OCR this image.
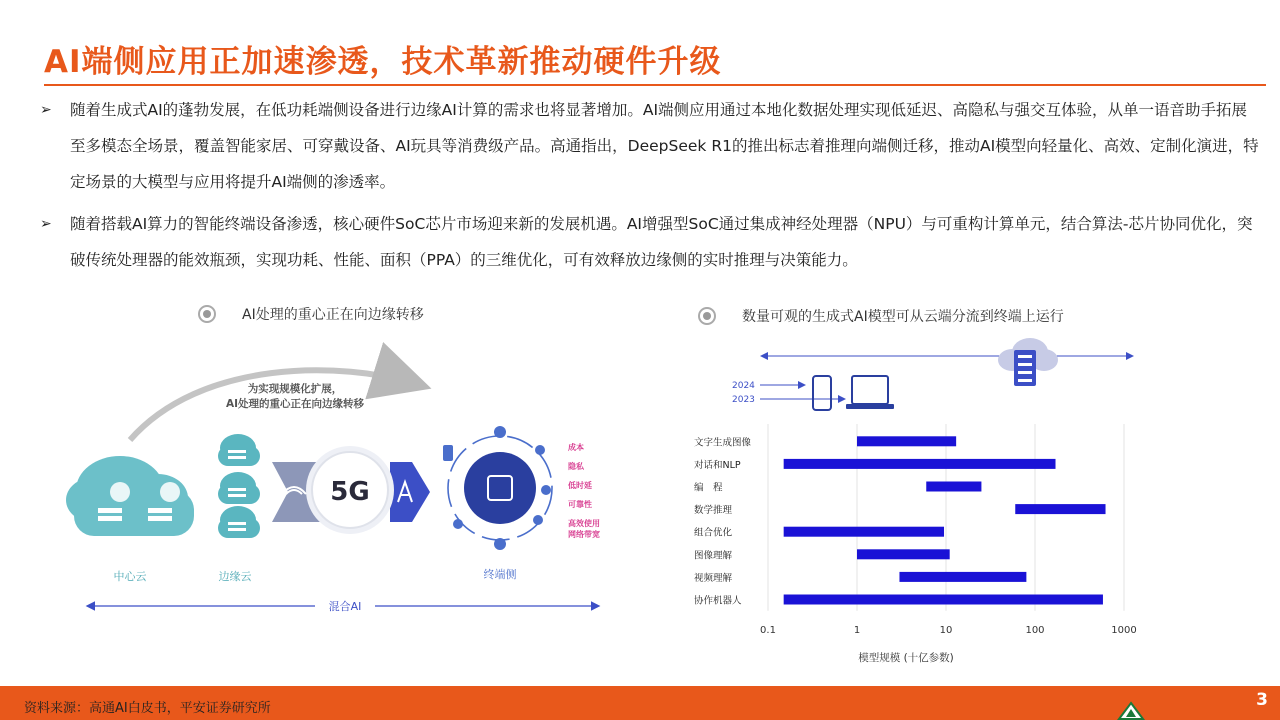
AI端侧应用正加速渗透，技术革新推动硬件升级
➢ 随着生成式AI的蓬勃发展，在低功耗端侧设备进行边缘AI计算的需求也将显著增加。AI端侧应用通过本地化数据处理实现低延迟、高隐私与强交互体验，从单一语音助手拓展至多模态全场景，覆盖智能家居、可穿戴设备、AI玩具等消费级产品。高通指出，DeepSeek R1的推出标志着推理向端侧迁移，推动AI模型向轻量化、高效、定制化演进，特定场景的大模型与应用将提升AI端侧的渗透率。
➢ 随着搭载AI算力的智能终端设备渗透，核心硬件SoC芯片市场迎来新的发展机遇。AI增强型SoC通过集成神经处理器（NPU）与可重构计算单元，结合算法-芯片协同优化，突破传统处理器的能效瓶颈，实现功耗、性能、面积（PPA）的三维优化，可有效释放边缘侧的实时推理与决策能力。
AI处理的重心正在向边缘转移	数量可观的生成式AI模型可从云端分流到终端上运行
为实现规模化扩展，
AI处理的重心正在向边缘转移
中心云	边缘云
5G
成本
隐私
低时延
可靠性
高效使用
网络带宽
终端侧
混合AI
2024
2023
0.1	1	10	100	1000
文字生成图像
对话和NLP
编　程
数学推理
组合优化
图像理解
视频理解
协作机器人
模型规模 (十亿参数)
资料来源：高通AI白皮书，平安证券研究所	3
